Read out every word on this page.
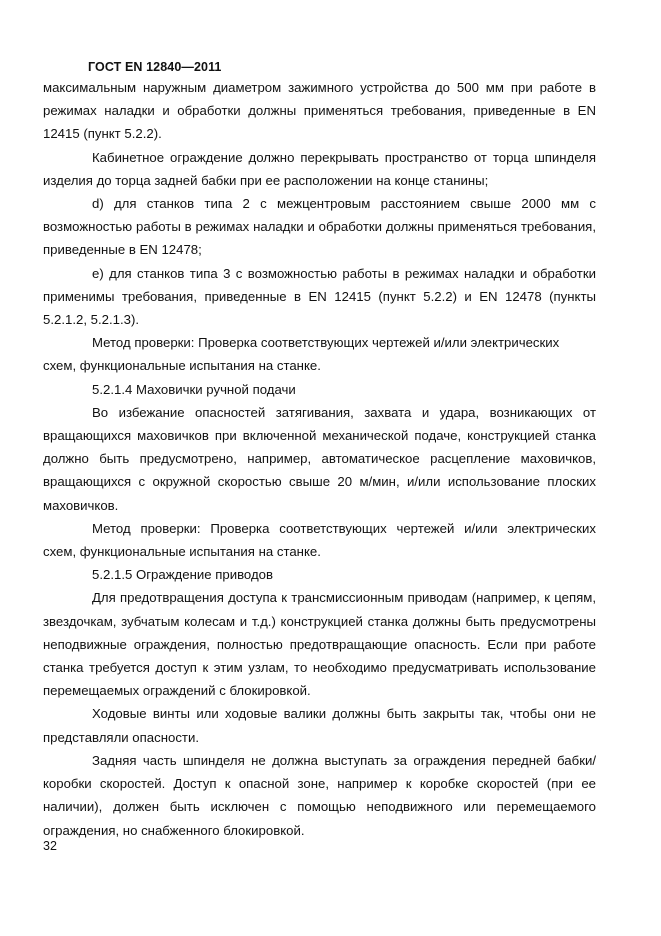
ГОСТ EN 12840—2011

максимальным наружным диаметром зажимного устройства до 500 мм при работе в режимах наладки и обработки должны применяться требования, приведенные в EN 12415 (пункт 5.2.2).

Кабинетное ограждение должно перекрывать пространство от торца шпинделя изделия до торца задней бабки при ее расположении на конце станины;

d) для станков типа 2 с межцентровым расстоянием свыше 2000 мм с возможностью работы в режимах наладки и обработки должны применяться требования, приведенные в EN 12478;

e) для станков типа 3 с возможностью работы в режимах наладки и обработки применимы требования, приведенные в EN 12415 (пункт 5.2.2) и EN 12478 (пункты 5.2.1.2, 5.2.1.3).

Метод проверки: Проверка соответствующих чертежей и/или электрических схем, функциональные испытания на станке.

5.2.1.4 Маховички ручной подачи

Во избежание опасностей затягивания, захвата и удара, возникающих от вращающихся маховичков при включенной механической подаче, конструкцией станка должно быть предусмотрено, например, автоматическое расцепление маховичков, вращающихся с окружной скоростью свыше 20 м/мин, и/или использование плоских маховичков.

Метод проверки: Проверка соответствующих чертежей и/или электрических схем, функциональные испытания на станке.

5.2.1.5 Ограждение приводов

Для предотвращения доступа к трансмиссионным приводам (например, к цепям, звездочкам, зубчатым колесам и т.д.) конструкцией станка должны быть предусмотрены неподвижные ограждения, полностью предотвращающие опасность. Если при работе станка требуется доступ к этим узлам, то необходимо предусматривать использование перемещаемых ограждений с блокировкой.

Ходовые винты или ходовые валики должны быть закрыты так, чтобы они не представляли опасности.

Задняя часть шпинделя не должна выступать за ограждения передней бабки/коробки скоростей. Доступ к опасной зоне, например к коробке скоростей (при ее наличии), должен быть исключен с помощью неподвижного или перемещаемого ограждения, но снабженного блокировкой.

32
